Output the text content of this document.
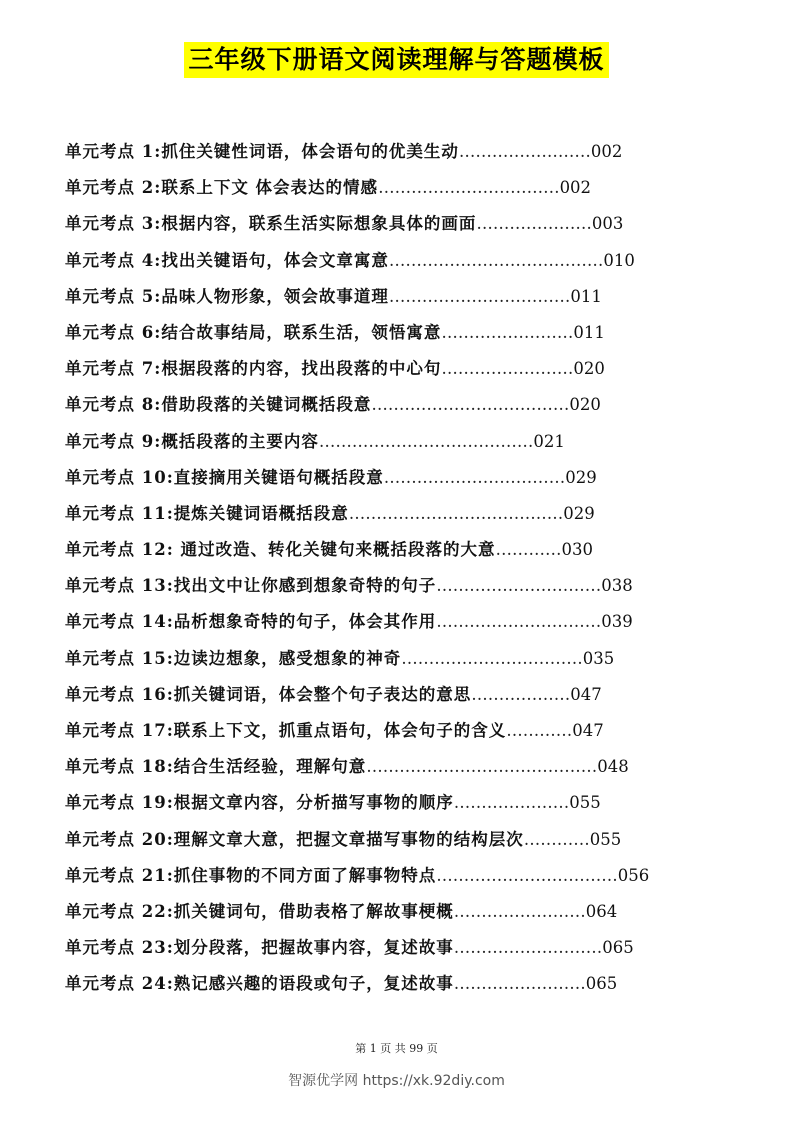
三年级下册语文阅读理解与答题模板
单元考点 1:抓住关键性词语，体会语句的优美生动 …………………… 002
单元考点 2:联系上下文 体会表达的情感 …………………………… 002
单元考点 3:根据内容，联系生活实际想象具体的画面 ………………… 003
单元考点 4:找出关键语句，体会文章寓意 ………………………………… 010
单元考点 5:品味人物形象，领会故事道理 …………………………… 011
单元考点 6:结合故事结局，联系生活，领悟寓意 …………………… 011
单元考点 7:根据段落的内容，找出段落的中心句 …………………… 020
单元考点 8:借助段落的关键词概括段意 ……………………………… 020
单元考点 9:概括段落的主要内容 ………………………………… 021
单元考点 10:直接摘用关键语句概括段意 …………………………… 029
单元考点 11:提炼关键词语概括段意 ………………………………… 029
单元考点 12: 通过改造、转化关键句来概括段落的大意 ………… 030
单元考点 13:找出文中让你感到想象奇特的句子 ………………………… 038
单元考点 14:品析想象奇特的句子，体会其作用 ………………………… 039
单元考点 15:边读边想象，感受想象的神奇 …………………………… 035
单元考点 16:抓关键词语，体会整个句子表达的意思 ……………… 047
单元考点 17:联系上下文，抓重点语句，体会句子的含义 ………… 047
单元考点 18:结合生活经验，理解句意 …………………………………… 048
单元考点 19:根据文章内容，分析描写事物的顺序 ………………… 055
单元考点 20:理解文章大意，把握文章描写事物的结构层次 ………… 055
单元考点 21:抓住事物的不同方面了解事物特点 …………………………… 056
单元考点 22:抓关键词句，借助表格了解故事梗概 …………………… 064
单元考点 23:划分段落，把握故事内容，复述故事 ……………………… 065
单元考点 24:熟记感兴趣的语段或句子，复述故事 …………………… 065
第 1 页 共 99 页
智源优学网 https://xk.92diy.com
